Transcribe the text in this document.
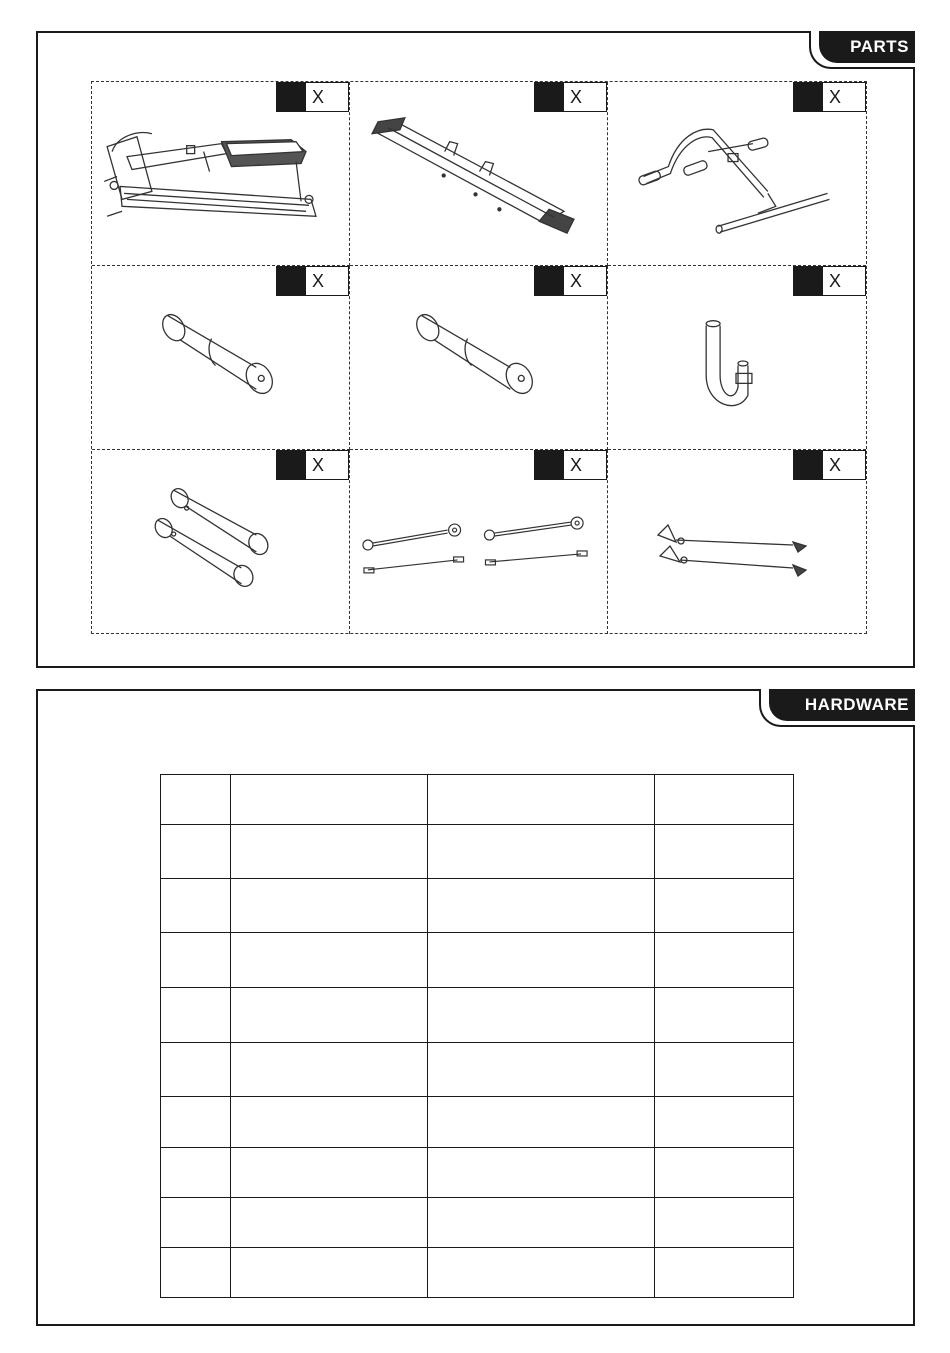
PARTS
X	X	X
X	X	X
X	X	X
HARDWARE
